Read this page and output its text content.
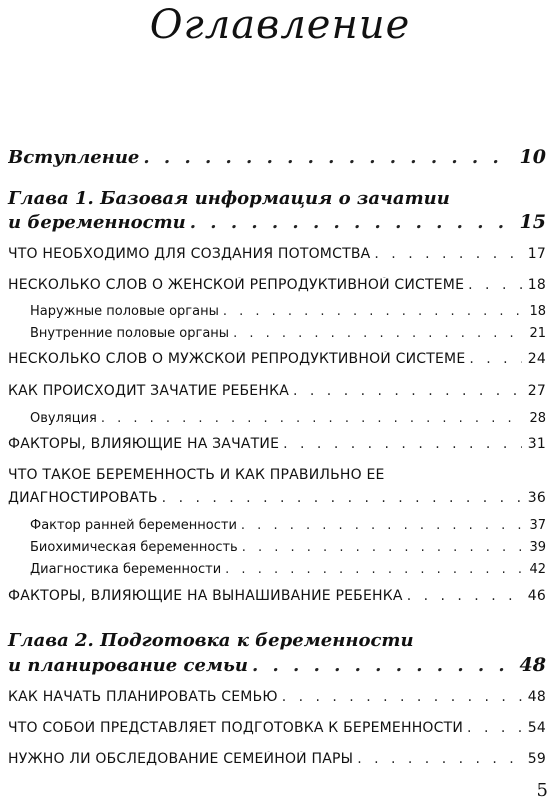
Оглавление
Вступление . . .	10
Глава 1. Базовая информация о зачатии
и беременности . . .	15
ЧТО НЕОБХОДИМО ДЛЯ СОЗДАНИЯ ПОТОМСТВА . . .	17
НЕСКОЛЬКО СЛОВ О ЖЕНСКОЙ РЕПРОДУКТИВНОЙ СИСТЕМЕ . . .	18
Наружные половые органы . . .	18
Внутренние половые органы . . .	21
НЕСКОЛЬКО СЛОВ О МУЖСКОЙ РЕПРОДУКТИВНОЙ СИСТЕМЕ . . .	24
КАК ПРОИСХОДИТ ЗАЧАТИЕ РЕБЕНКА . . .	27
Овуляция . . .	28
ФАКТОРЫ, ВЛИЯЮЩИЕ НА ЗАЧАТИЕ . . .	31
ЧТО ТАКОЕ БЕРЕМЕННОСТЬ И КАК ПРАВИЛЬНО ЕЕ
ДИАГНОСТИРОВАТЬ . . .	36
Фактор ранней беременности . . .	37
Биохимическая беременность . . .	39
Диагностика беременности . . .	42
ФАКТОРЫ, ВЛИЯЮЩИЕ НА ВЫНАШИВАНИЕ РЕБЕНКА . . .	46
Глава 2. Подготовка к беременности
и планирование семьи . . .	48
КАК НАЧАТЬ ПЛАНИРОВАТЬ СЕМЬЮ . . .	48
ЧТО СОБОЙ ПРЕДСТАВЛЯЕТ ПОДГОТОВКА К БЕРЕМЕННОСТИ . . .	54
НУЖНО ЛИ ОБСЛЕДОВАНИЕ СЕМЕЙНОЙ ПАРЫ . . .	59
5
